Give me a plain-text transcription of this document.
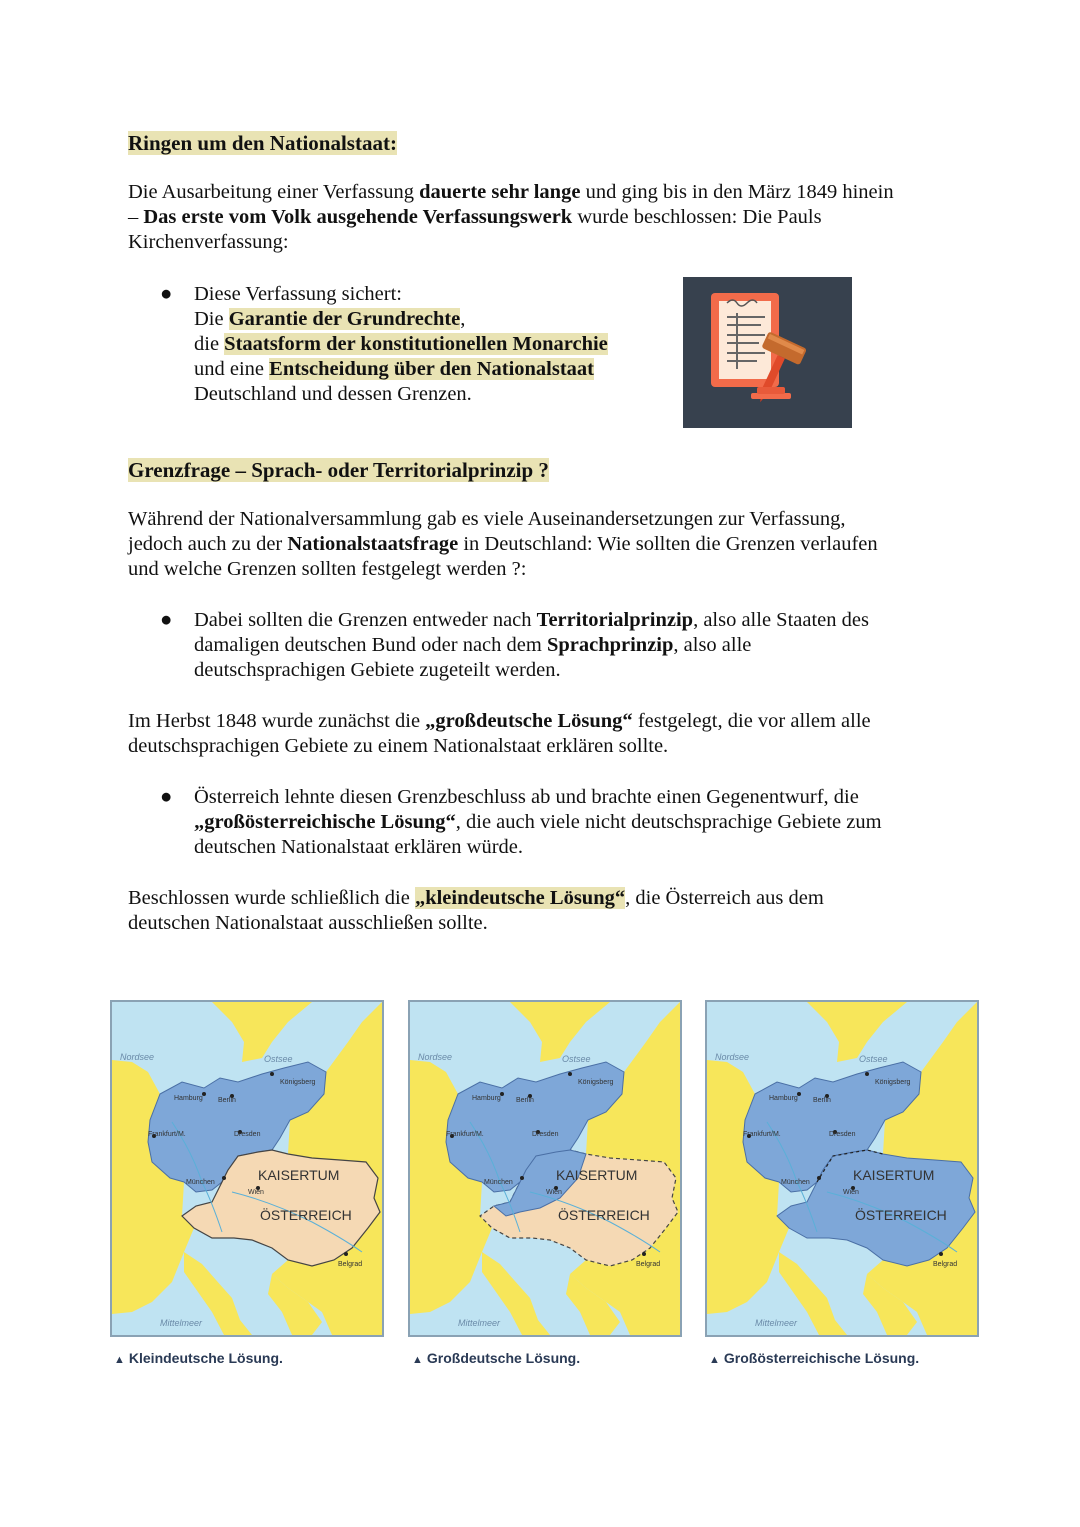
Ringen um den Nationalstaat:
Die Ausarbeitung einer Verfassung dauerte sehr lange und ging bis in den März 1849 hinein
– Das erste vom Volk ausgehende Verfassungswerk wurde beschlossen: Die Pauls
Kirchenverfassung:
● Diese Verfassung sichert:
Die Garantie der Grundrechte,
die Staatsform der konstitutionellen Monarchie
und eine Entscheidung über den Nationalstaat
Deutschland und dessen Grenzen.
Grenzfrage – Sprach- oder Territorialprinzip ?
Während der Nationalversammlung gab es viele Auseinandersetzungen zur Verfassung,
jedoch auch zu der Nationalstaatsfrage in Deutschland: Wie sollten die Grenzen verlaufen
und welche Grenzen sollten festgelegt werden ?:
● Dabei sollten die Grenzen entweder nach Territorialprinzip, also alle Staaten des
damaligen deutschen Bund oder nach dem Sprachprinzip, also alle
deutschsprachigen Gebiete zugeteilt werden.
Im Herbst 1848 wurde zunächst die „großdeutsche Lösung“ festgelegt, die vor allem alle
deutschsprachigen Gebiete zu einem Nationalstaat erklären sollte.
● Österreich lehnte diesen Grenzbeschluss ab und brachte einen Gegenentwurf, die
„großösterreichische Lösung“, die auch viele nicht deutschsprachige Gebiete zum
deutschen Nationalstaat erklären würde.
Beschlossen wurde schließlich die „kleindeutsche Lösung“, die Österreich aus dem
deutschen Nationalstaat ausschließen sollte.
Nordsee	Ostsee
Königsberg
Hamburg Berlin
Frankfurt/M.	Dresden
München
Wien
KAISERTUM
ÖSTERREICH
Belgrad
Mittelmeer
Nordsee	Ostsee
Königsberg
Hamburg Berlin
Frankfurt/M.	Dresden
München
Wien
KAISERTUM
ÖSTERREICH
Belgrad
Mittelmeer
Nordsee	Ostsee
Königsberg
Hamburg Berlin
Frankfurt/M.	Dresden
München
Wien
KAISERTUM
ÖSTERREICH
Belgrad
Mittelmeer
▲ Kleindeutsche Lösung.	▲ Großdeutsche Lösung.	▲ Großösterreichische Lösung.
